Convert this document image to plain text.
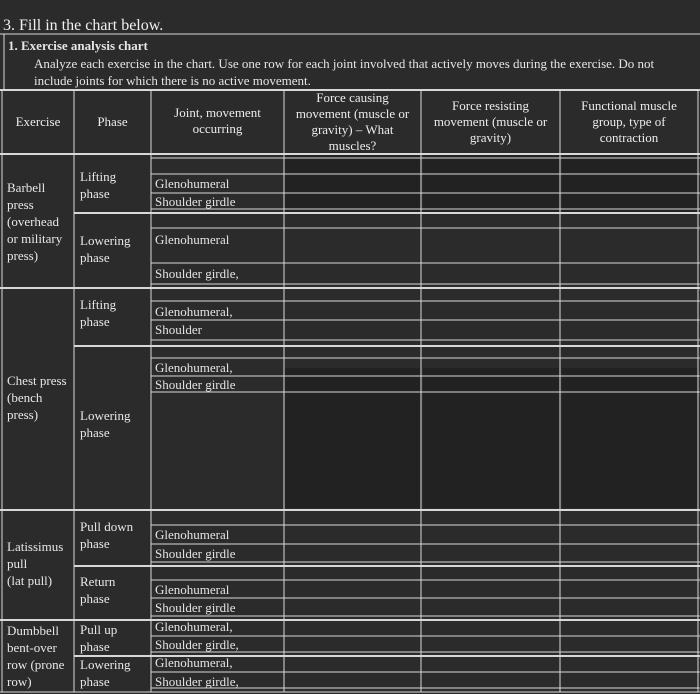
3. Fill in the chart below.
1. Exercise analysis chart
Analyze each exercise in the chart. Use one row for each joint involved that actively moves during the exercise. Do not
include joints for which there is no active movement.
Exercise	Phase
Joint, movement
occurring
Force causing
movement (muscle or
gravity) – What
muscles?
Force resisting
movement (muscle or
gravity)
Functional muscle
group, type of
contraction
Barbell
press
(overhead
or military
press)
Chest press
(bench
press)
Latissimus
pull
(lat pull)
Dumbbell
bent-over
row (prone
row)
Lifting
phase
Lowering
phase
Lifting
phase
Lowering
phase
Pull down
phase
Return
phase
Pull up
phase
Lowering
phase
Glenohumeral
Shoulder girdle
Glenohumeral
Shoulder girdle,
Glenohumeral,
Shoulder
Glenohumeral,
Shoulder girdle
Glenohumeral
Shoulder girdle
Glenohumeral
Shoulder girdle
Glenohumeral,
Shoulder girdle,
Glenohumeral,
Shoulder girdle,
